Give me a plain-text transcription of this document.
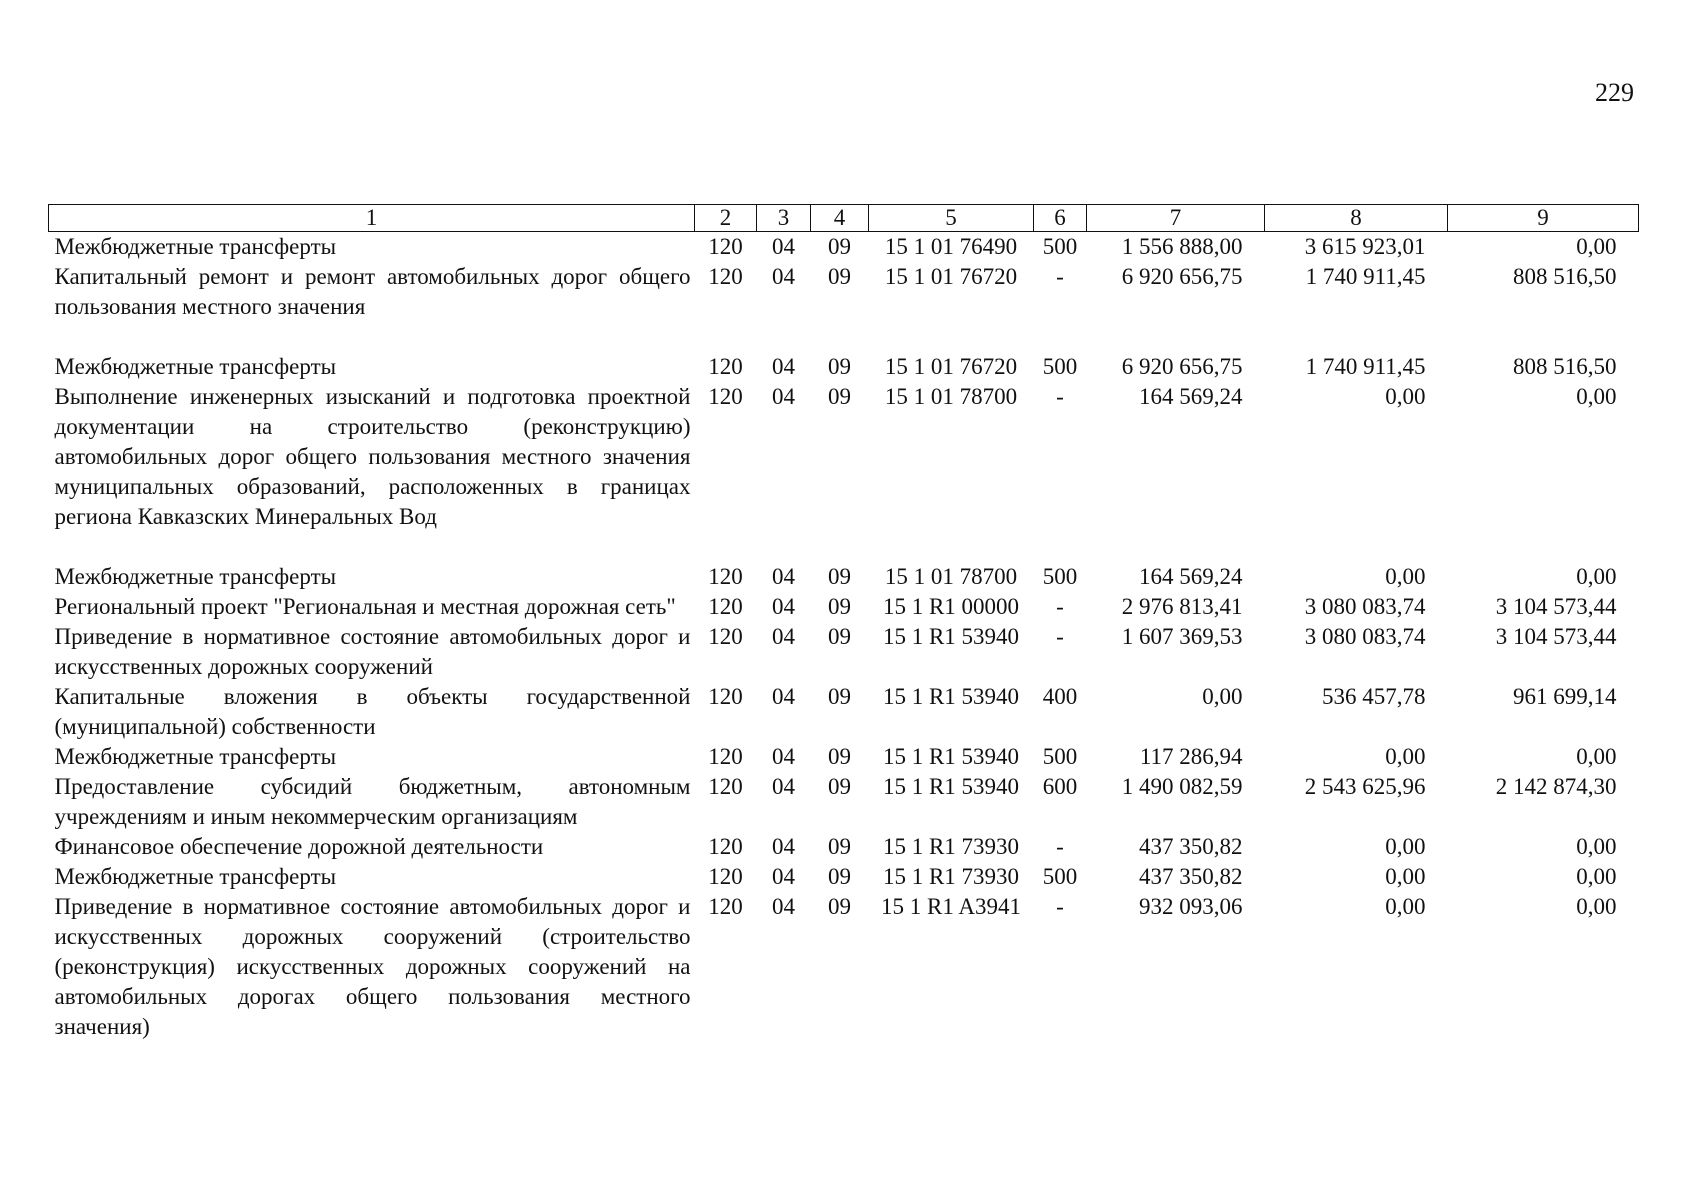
229
1	2	3	4	5	6	7	8	9
Межбюджетные трансферты	120	04	09	15 1 01 76490	500	1 556 888,00	3 615 923,01	0,00
Капитальный ремонт и ремонт автомобильных дорог общего пользования местного значения	120	04	09	15 1 01 76720	-	6 920 656,75	1 740 911,45	808 516,50
Межбюджетные трансферты	120	04	09	15 1 01 76720	500	6 920 656,75	1 740 911,45	808 516,50
Выполнение инженерных изысканий и подготовка проектной документации на строительство (реконструкцию) автомобильных дорог общего пользования местного значения муниципальных образований, расположенных в границах региона Кавказских Минеральных Вод	120	04	09	15 1 01 78700	-	164 569,24	0,00	0,00
Межбюджетные трансферты	120	04	09	15 1 01 78700	500	164 569,24	0,00	0,00
Региональный проект "Региональная и местная дорожная сеть"	120	04	09	15 1 R1 00000	-	2 976 813,41	3 080 083,74	3 104 573,44
Приведение в нормативное состояние автомобильных дорог и искусственных дорожных сооружений	120	04	09	15 1 R1 53940	-	1 607 369,53	3 080 083,74	3 104 573,44
Капитальные вложения в объекты государственной (муниципальной) собственности	120	04	09	15 1 R1 53940	400	0,00	536 457,78	961 699,14
Межбюджетные трансферты	120	04	09	15 1 R1 53940	500	117 286,94	0,00	0,00
Предоставление субсидий бюджетным, автономным учреждениям и иным некоммерческим организациям	120	04	09	15 1 R1 53940	600	1 490 082,59	2 543 625,96	2 142 874,30
Финансовое обеспечение дорожной деятельности	120	04	09	15 1 R1 73930	-	437 350,82	0,00	0,00
Межбюджетные трансферты	120	04	09	15 1 R1 73930	500	437 350,82	0,00	0,00
Приведение в нормативное состояние автомобильных дорог и искусственных дорожных сооружений (строительство (реконструкция) искусственных дорожных сооружений на автомобильных дорогах общего пользования местного значения)	120	04	09	15 1 R1 A3941	-	932 093,06	0,00	0,00
